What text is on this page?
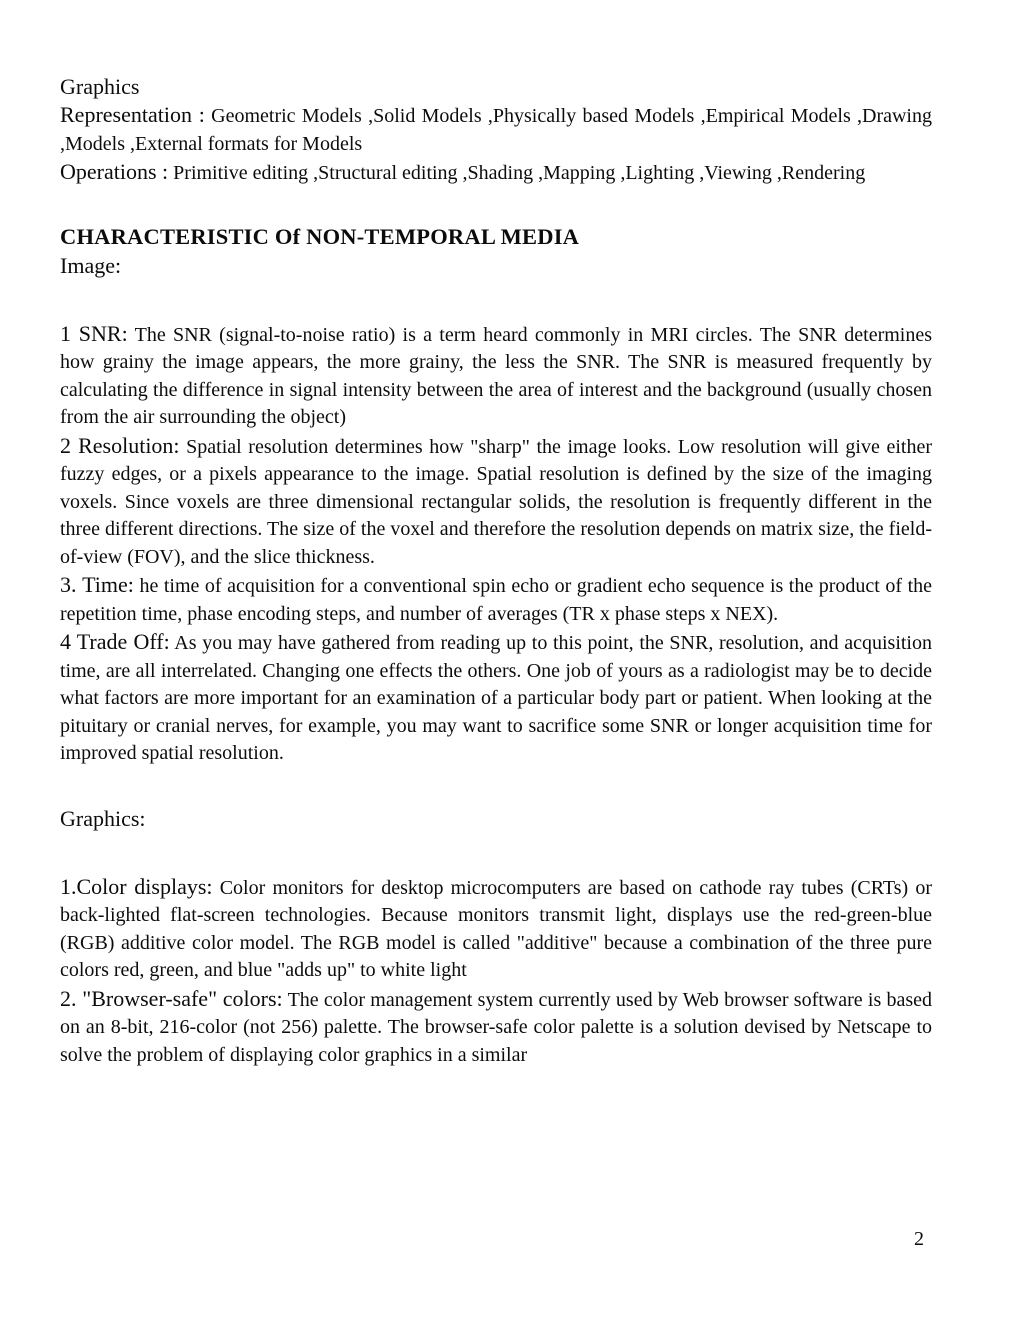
Graphics

Representation : Geometric Models ,Solid Models ,Physically based Models ,Empirical Models ,Drawing ,Models ,External formats for Models

Operations : Primitive editing ,Structural editing ,Shading ,Mapping ,Lighting ,Viewing ,Rendering

CHARACTERISTIC Of NON-TEMPORAL MEDIA

Image:

1 SNR: The SNR (signal-to-noise ratio) is a term heard commonly in MRI circles. The SNR determines how grainy the image appears, the more grainy, the less the SNR. The SNR is measured frequently by calculating the difference in signal intensity between the area of interest and the background (usually chosen from the air surrounding the object)

2 Resolution: Spatial resolution determines how "sharp" the image looks. Low resolution will give either fuzzy edges, or a pixels appearance to the image. Spatial resolution is defined by the size of the imaging voxels. Since voxels are three dimensional rectangular solids, the resolution is frequently different in the three different directions. The size of the voxel and therefore the resolution depends on matrix size, the field-of-view (FOV), and the slice thickness.

3. Time: he time of acquisition for a conventional spin echo or gradient echo sequence is the product of the repetition time, phase encoding steps, and number of averages (TR x phase steps x NEX).

4 Trade Off: As you may have gathered from reading up to this point, the SNR, resolution, and acquisition time, are all interrelated. Changing one effects the others. One job of yours as a radiologist may be to decide what factors are more important for an examination of a particular body part or patient. When looking at the pituitary or cranial nerves, for example, you may want to sacrifice some SNR or longer acquisition time for improved spatial resolution.

Graphics:

1.Color displays: Color monitors for desktop microcomputers are based on cathode ray tubes (CRTs) or back-lighted flat-screen technologies. Because monitors transmit light, displays use the red-green-blue (RGB) additive color model. The RGB model is called "additive" because a combination of the three pure colors red, green, and blue "adds up" to white light

2. "Browser-safe" colors: The color management system currently used by Web browser software is based on an 8-bit, 216-color (not 256) palette. The browser-safe color palette is a solution devised by Netscape to solve the problem of displaying color graphics in a similar

2
